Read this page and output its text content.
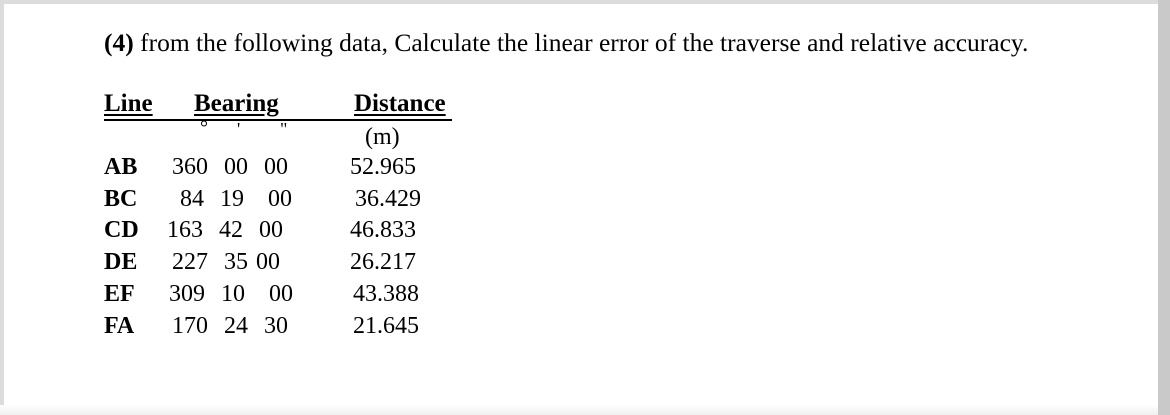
(4) from the following data, Calculate the linear error of the traverse and relative accuracy.
Line Bearing	Distance
° ' "	(m)
AB 360  00  00	52.965
BC 84  19   00	36.429
CD 163  42  00	46.833
DE 227  35 00	26.217
EF 309  10   00	43.388
FA 170  24  30	21.645
